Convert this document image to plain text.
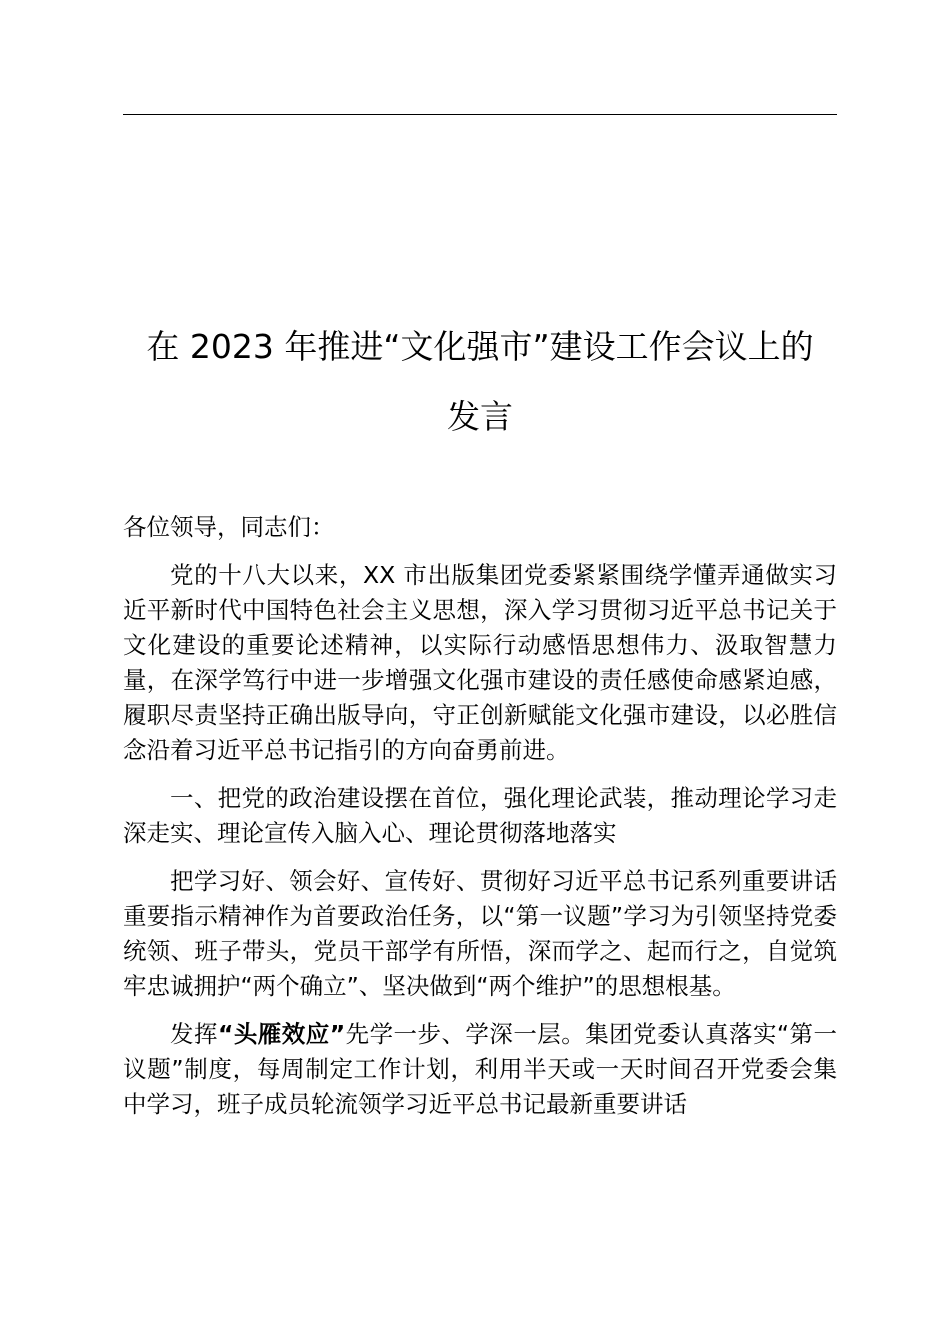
在 2023 年推进“文化强市”建设工作会议上的
发言

各位领导，同志们：

党的十八大以来，XX 市出版集团党委紧紧围绕学懂弄通做实习近平新时代中国特色社会主义思想，深入学习贯彻习近平总书记关于文化建设的重要论述精神，以实际行动感悟思想伟力、汲取智慧力量，在深学笃行中进一步增强文化强市建设的责任感使命感紧迫感，履职尽责坚持正确出版导向，守正创新赋能文化强市建设，以必胜信念沿着习近平总书记指引的方向奋勇前进。

一、把党的政治建设摆在首位，强化理论武装，推动理论学习走深走实、理论宣传入脑入心、理论贯彻落地落实

把学习好、领会好、宣传好、贯彻好习近平总书记系列重要讲话重要指示精神作为首要政治任务，以“第一议题”学习为引领坚持党委统领、班子带头，党员干部学有所悟，深而学之、起而行之，自觉筑牢忠诚拥护“两个确立”、坚决做到“两个维护”的思想根基。

发挥“头雁效应”先学一步、学深一层。集团党委认真落实“第一议题”制度，每周制定工作计划，利用半天或一天时间召开党委会集中学习，班子成员轮流领学习近平总书记最新重要讲话
